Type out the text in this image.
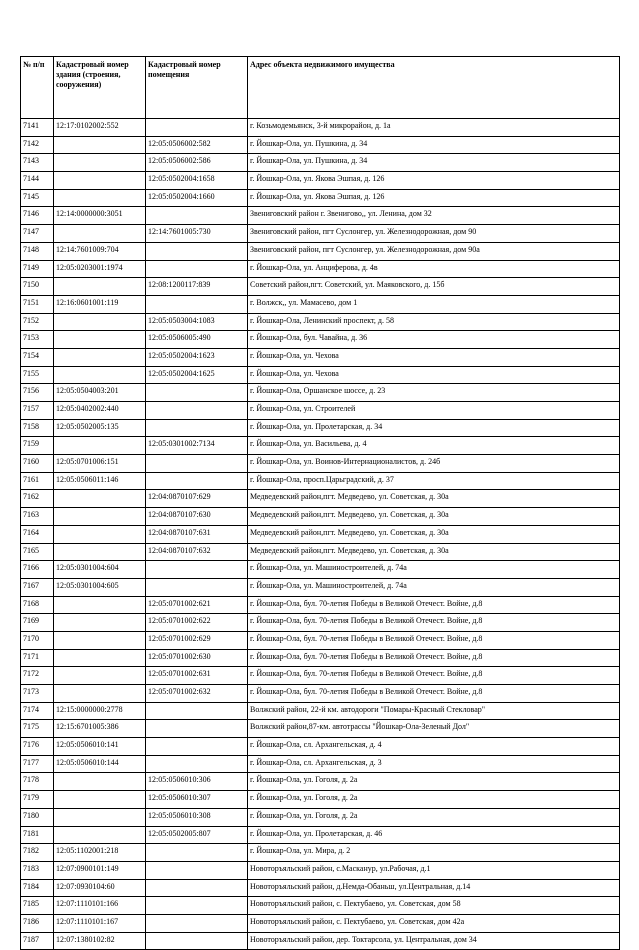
№ п/п	Кадастровый номер здания (строения, сооружения)	Кадастровый номер помещения	Адрес объекта недвижимого имущества
7141	12:17:0102002:552		г. Козьмодемьянск, 3-й микрорайон, д. 1а
7142		12:05:0506002:582	г. Йошкар-Ола, ул. Пушкина, д. 34
7143		12:05:0506002:586	г. Йошкар-Ола, ул. Пушкина, д. 34
7144		12:05:0502004:1658	г. Йошкар-Ола, ул. Якова Эшпая, д. 126
7145		12:05:0502004:1660	г. Йошкар-Ола, ул. Якова Эшпая, д. 126
7146	12:14:0000000:3051		Звениговский район г. Звенигово,, ул. Ленина, дом 32
7147		12:14:7601005:730	Звениговский район, пгт Суслонгер, ул. Железнодорожная, дом 90
7148	12:14:7601009:704		Звениговский район, пгт Суслонгер, ул. Железнодорожная, дом 90а
7149	12:05:0203001:1974		г. Йошкар-Ола, ул. Анциферова, д. 4в
7150		12:08:1200117:839	Советский район,пгт. Советский, ул. Маяковского, д. 15б
7151	12:16:0601001:119		г. Волжск,, ул. Мамасево, дом 1
7152		12:05:0503004:1083	г. Йошкар-Ола, Ленинский проспект, д. 58
7153		12:05:0506005:490	г. Йошкар-Ола, бул. Чавайна, д. 36
7154		12:05:0502004:1623	г. Йошкар-Ола, ул. Чехова
7155		12:05:0502004:1625	г. Йошкар-Ола, ул. Чехова
7156	12:05:0504003:201		г. Йошкар-Ола, Оршанское шоссе, д. 23
7157	12:05:0402002:440		г. Йошкар-Ола, ул. Строителей
7158	12:05:0502005:135		г. Йошкар-Ола, ул. Пролетарская, д. 34
7159		12:05:0301002:7134	г. Йошкар-Ола, ул. Васильева, д. 4
7160	12:05:0701006:151		г. Йошкар-Ола, ул. Воинов-Интернационалистов, д. 24б
7161	12:05:0506011:146		г. Йошкар-Ола, просп.Царьградский, д. 37
7162		12:04:0870107:629	Медведевский район,пгт. Медведево, ул. Советская, д. 30а
7163		12:04:0870107:630	Медведевский район,пгт. Медведево, ул. Советская, д. 30а
7164		12:04:0870107:631	Медведевский район,пгт. Медведево, ул. Советская, д. 30а
7165		12:04:0870107:632	Медведевский район,пгт. Медведево, ул. Советская, д. 30а
7166	12:05:0301004:604		г. Йошкар-Ола, ул. Машиностроителей, д. 74а
7167	12:05:0301004:605		г. Йошкар-Ола, ул. Машиностроителей, д. 74а
7168		12:05:0701002:621	г. Йошкар-Ола, бул. 70-летия Победы в Великой Отечест. Войне, д.8
7169		12:05:0701002:622	г. Йошкар-Ола, бул. 70-летия Победы в Великой Отечест. Войне, д.8
7170		12:05:0701002:629	г. Йошкар-Ола, бул. 70-летия Победы в Великой Отечест. Войне, д.8
7171		12:05:0701002:630	г. Йошкар-Ола, бул. 70-летия Победы в Великой Отечест. Войне, д.8
7172		12:05:0701002:631	г. Йошкар-Ола, бул. 70-летия Победы в Великой Отечест. Войне, д.8
7173		12:05:0701002:632	г. Йошкар-Ола, бул. 70-летия Победы в Великой Отечест. Войне, д.8
7174	12:15:0000000:2778		Волжский район, 22-й км. автодороги "Помары-Красный Стекловар"
7175	12:15:6701005:386		Волжский район,87-км. автотрассы "Йошкар-Ола-Зеленый Дол"
7176	12:05:0506010:141		г. Йошкар-Ола, сл. Архангельская, д. 4
7177	12:05:0506010:144		г. Йошкар-Ола, сл. Архангельская, д. 3
7178		12:05:0506010:306	г. Йошкар-Ола, ул. Гоголя, д. 2а
7179		12:05:0506010:307	г. Йошкар-Ола, ул. Гоголя, д. 2а
7180		12:05:0506010:308	г. Йошкар-Ола, ул. Гоголя, д. 2а
7181		12:05:0502005:807	г. Йошкар-Ола, ул. Пролетарская, д. 46
7182	12:05:1102001:218		г. Йошкар-Ола, ул. Мира, д. 2
7183	12:07:0900101:149		Новоторъяльский район, с.Маскануp, ул.Рабочая, д.1
7184	12:07:0930104:60		Новоторъяльский район, д.Немда-Обаньш, ул.Центральная, д.14
7185	12:07:1110101:166		Новоторъяльский район, с. Пектубаево, ул. Советская, дом 58
7186	12:07:1110101:167		Новоторъяльский район, с. Пектубаево, ул. Советская, дом 42а
7187	12:07:1380102:82		Новоторъяльский район, дер. Токтарсола, ул. Центральная, дом 34
